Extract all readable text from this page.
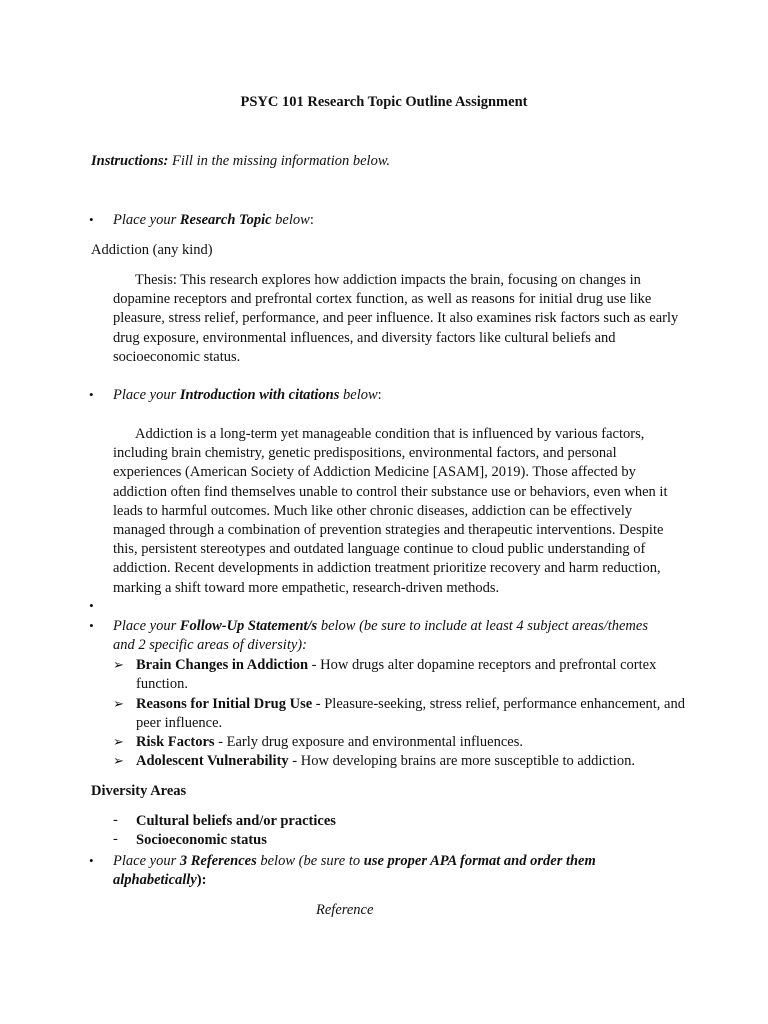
PSYC 101 Research Topic Outline Assignment
Instructions: Fill in the missing information below.
• Place your Research Topic below:
Addiction (any kind)
Thesis: This research explores how addiction impacts the brain, focusing on changes in dopamine receptors and prefrontal cortex function, as well as reasons for initial drug use like pleasure, stress relief, performance, and peer influence. It also examines risk factors such as early drug exposure, environmental influences, and diversity factors like cultural beliefs and socioeconomic status.
• Place your Introduction with citations below:
Addiction is a long-term yet manageable condition that is influenced by various factors, including brain chemistry, genetic predispositions, environmental factors, and personal experiences (American Society of Addiction Medicine [ASAM], 2019). Those affected by addiction often find themselves unable to control their substance use or behaviors, even when it leads to harmful outcomes. Much like other chronic diseases, addiction can be effectively managed through a combination of prevention strategies and therapeutic interventions. Despite this, persistent stereotypes and outdated language continue to cloud public understanding of addiction. Recent developments in addiction treatment prioritize recovery and harm reduction, marking a shift toward more empathetic, research-driven methods.
•
• Place your Follow-Up Statement/s below (be sure to include at least 4 subject areas/themes
and 2 specific areas of diversity):
➢ Brain Changes in Addiction - How drugs alter dopamine receptors and prefrontal cortex function.
➢ Reasons for Initial Drug Use - Pleasure-seeking, stress relief, performance enhancement, and peer influence.
➢ Risk Factors - Early drug exposure and environmental influences.
➢ Adolescent Vulnerability - How developing brains are more susceptible to addiction.
Diversity Areas
- Cultural beliefs and/or practices
- Socioeconomic status
• Place your 3 References below (be sure to use proper APA format and order them
alphabetically):
Reference
